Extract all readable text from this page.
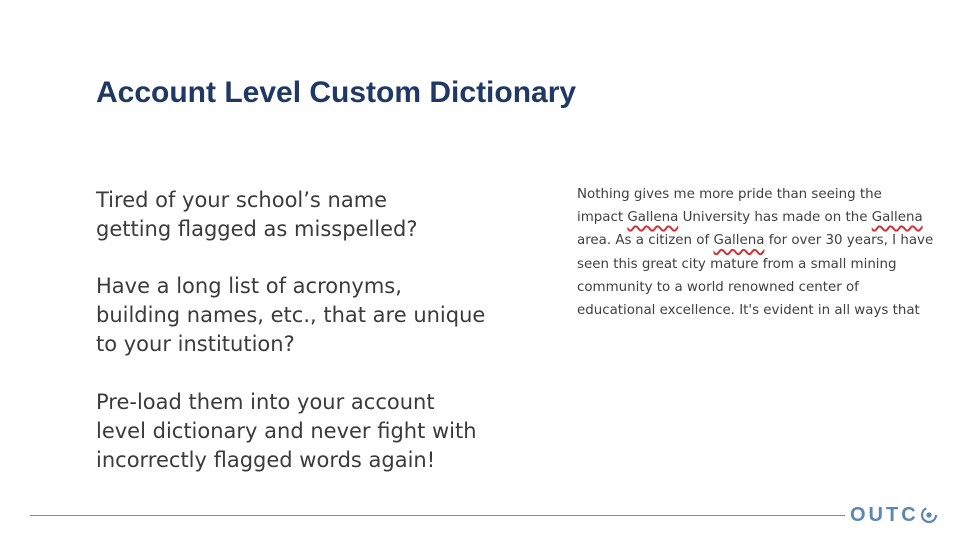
Account Level Custom Dictionary
Tired of your school’s name
getting flagged as misspelled?
Have a long list of acronyms,
building names, etc., that are unique
to your institution?
Pre-load them into your account
level dictionary and never fight with
incorrectly flagged words again!
Nothing gives me more pride than seeing the
impact Gallena University has made on the Gallena
area. As a citizen of Gallena for over 30 years, I have
seen this great city mature from a small mining
community to a world renowned center of
educational excellence. It's evident in all ways that
OUTC
